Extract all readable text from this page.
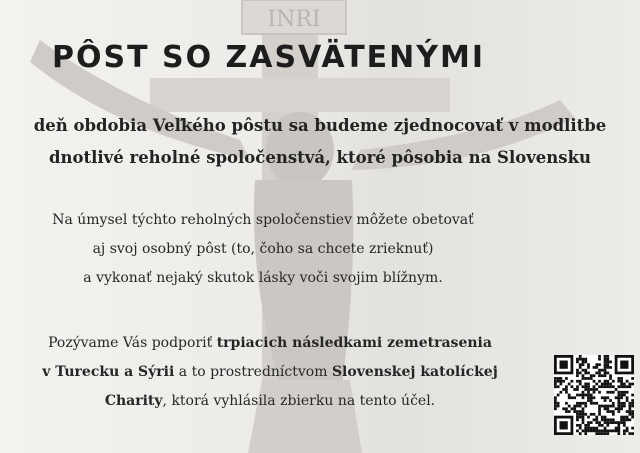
INRI
PÔST SO ZASVÄTENÝMI

deň obdobia Veľkého pôstu sa budeme zjednocovať v modlitbe
dnotlivé reholné spoločenstvá, ktoré pôsobia na Slovensku

Na úmysel týchto reholných spoločenstiev môžete obetovať
aj svoj osobný pôst (to, čoho sa chcete zrieknuť)
a vykonať nejaký skutok lásky voči svojim blížnym.

Pozývame Vás podporiť trpiacich následkami zemetrasenia
v Turecku a Sýrii a to prostredníctvom Slovenskej katolíckej
Charity, ktorá vyhlásila zbierku na tento účel.
